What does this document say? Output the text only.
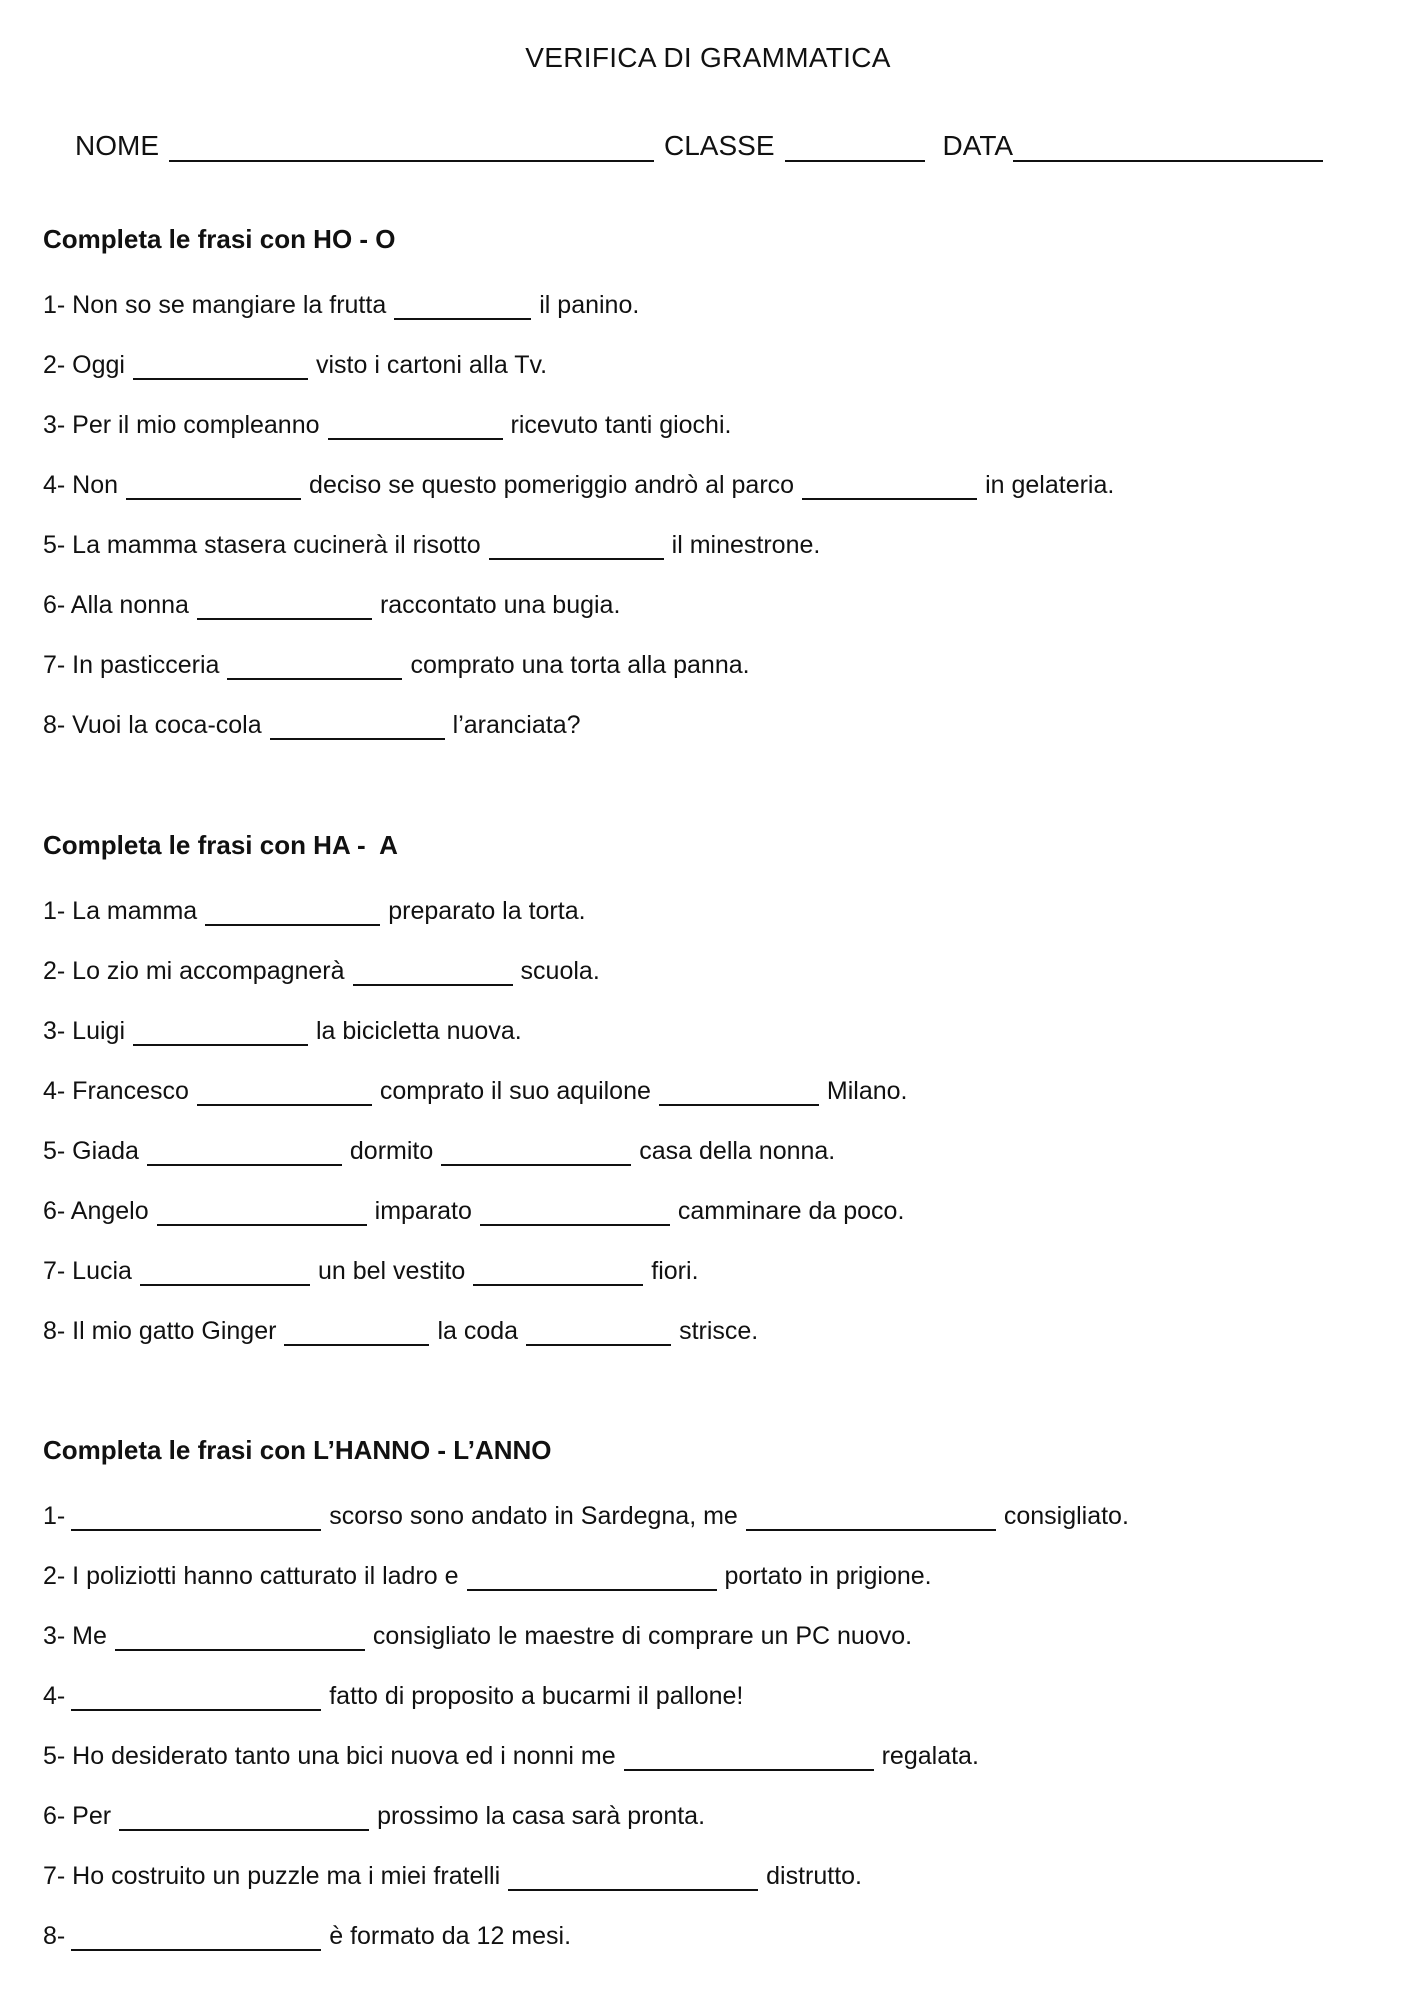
VERIFICA DI GRAMMATICA
NOME	CLASSE	DATA
Completa le frasi con HO - O
1- Non so se mangiare la frutta	il panino.
2- Oggi	visto i cartoni alla Tv.
3- Per il mio compleanno	ricevuto tanti giochi.
4- Non	deciso se questo pomeriggio andrò al parco	in gelateria.
5- La mamma stasera cucinerà il risotto	il minestrone.
6- Alla nonna	raccontato una bugia.
7- In pasticceria	comprato una torta alla panna.
8- Vuoi la coca-cola	l’aranciata?
Completa le frasi con HA -  A
1- La mamma	preparato la torta.
2- Lo zio mi accompagnerà	scuola.
3- Luigi	la bicicletta nuova.
4- Francesco	comprato il suo aquilone	Milano.
5- Giada	dormito	casa della nonna.
6- Angelo	imparato	camminare da poco.
7- Lucia	un bel vestito	fiori.
8- Il mio gatto Ginger	la coda	strisce.
Completa le frasi con L’HANNO - L’ANNO
1-	scorso sono andato in Sardegna, me	consigliato.
2- I poliziotti hanno catturato il ladro e	portato in prigione.
3- Me	consigliato le maestre di comprare un PC nuovo.
4-	fatto di proposito a bucarmi il pallone!
5- Ho desiderato tanto una bici nuova ed i nonni me	regalata.
6- Per	prossimo la casa sarà pronta.
7- Ho costruito un puzzle ma i miei fratelli	distrutto.
8-	è formato da 12 mesi.
